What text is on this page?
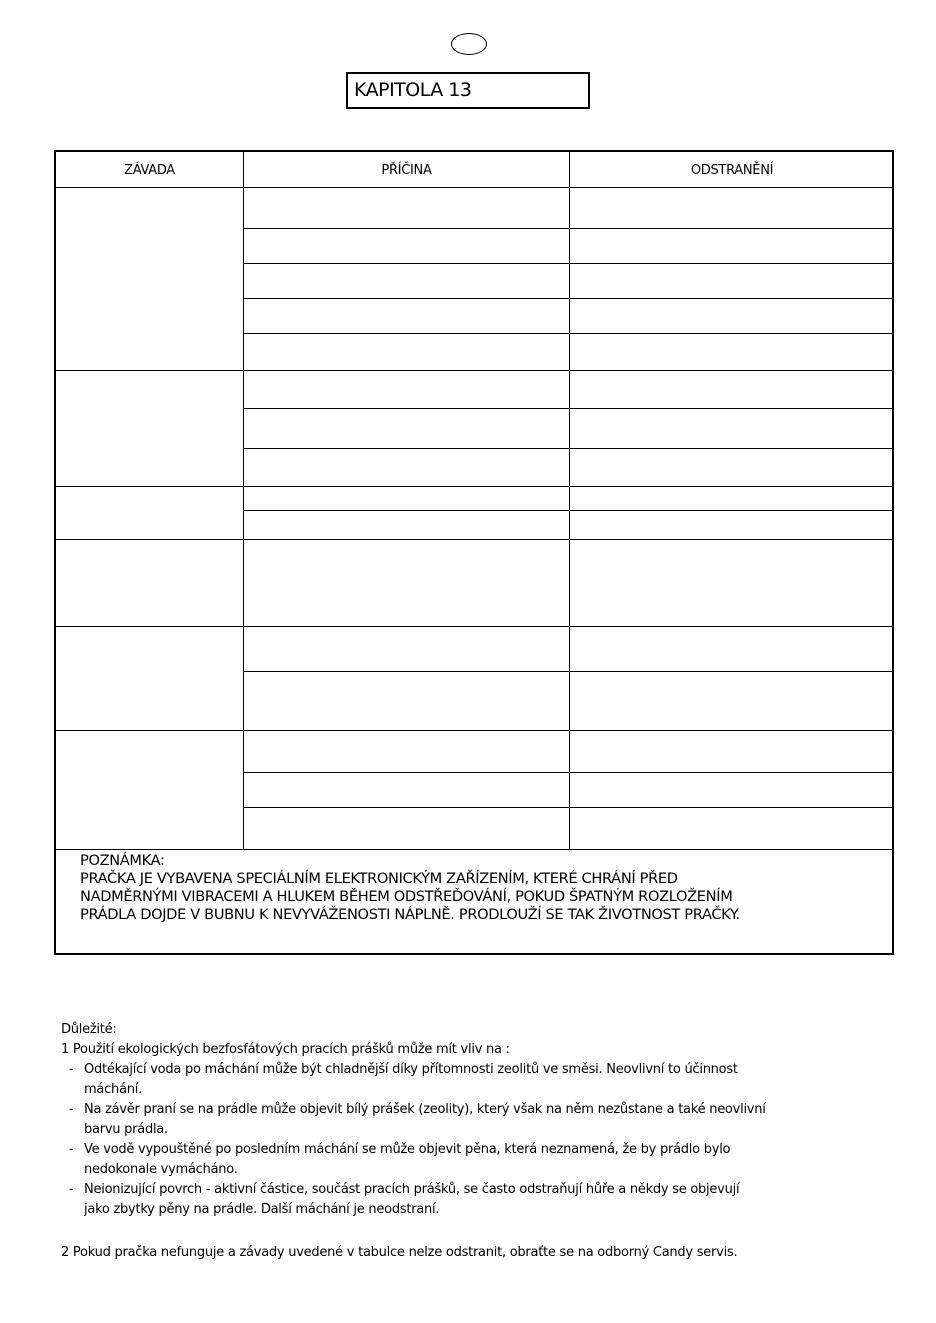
KAPITOLA 13
ZÁVADA	PŘÍČINA	ODSTRANĚNÍ
POZNÁMKA:
PRAČKA JE VYBAVENA SPECIÁLNÍM ELEKTRONICKÝM ZAŘÍZENÍM, KTERÉ CHRÁNÍ PŘED
NADMĚRNÝMI VIBRACEMI A HLUKEM BĚHEM ODSTŘEĎOVÁNÍ, POKUD ŠPATNÝM ROZLOŽENÍM
PRÁDLA DOJDE V BUBNU K NEVYVÁŽENOSTI NÁPLNĚ. PRODLOUŽÍ SE TAK ŽIVOTNOST PRAČKY.
Důležité:
1 Použití ekologických bezfosfátových pracích prášků může mít vliv na :
- Odtékající voda po máchání může být chladnější díky přítomnosti zeolitů ve směsi. Neovlivní to účinnost
máchání.
- Na závěr praní se na prádle může objevit bílý prášek (zeolity), který však na něm nezůstane a také neovlivní
barvu prádla.
- Ve vodě vypouštěné po posledním máchání se může objevit pěna, která neznamená, že by prádlo bylo
nedokonale vymácháno.
- Neionizující povrch - aktivní částice, součást pracích prášků, se často odstraňují hůře a někdy se objevují
jako zbytky pěny na prádle. Další máchání je neodstraní.
2 Pokud pračka nefunguje a závady uvedené v tabulce nelze odstranit, obraťte se na odborný Candy servis.
